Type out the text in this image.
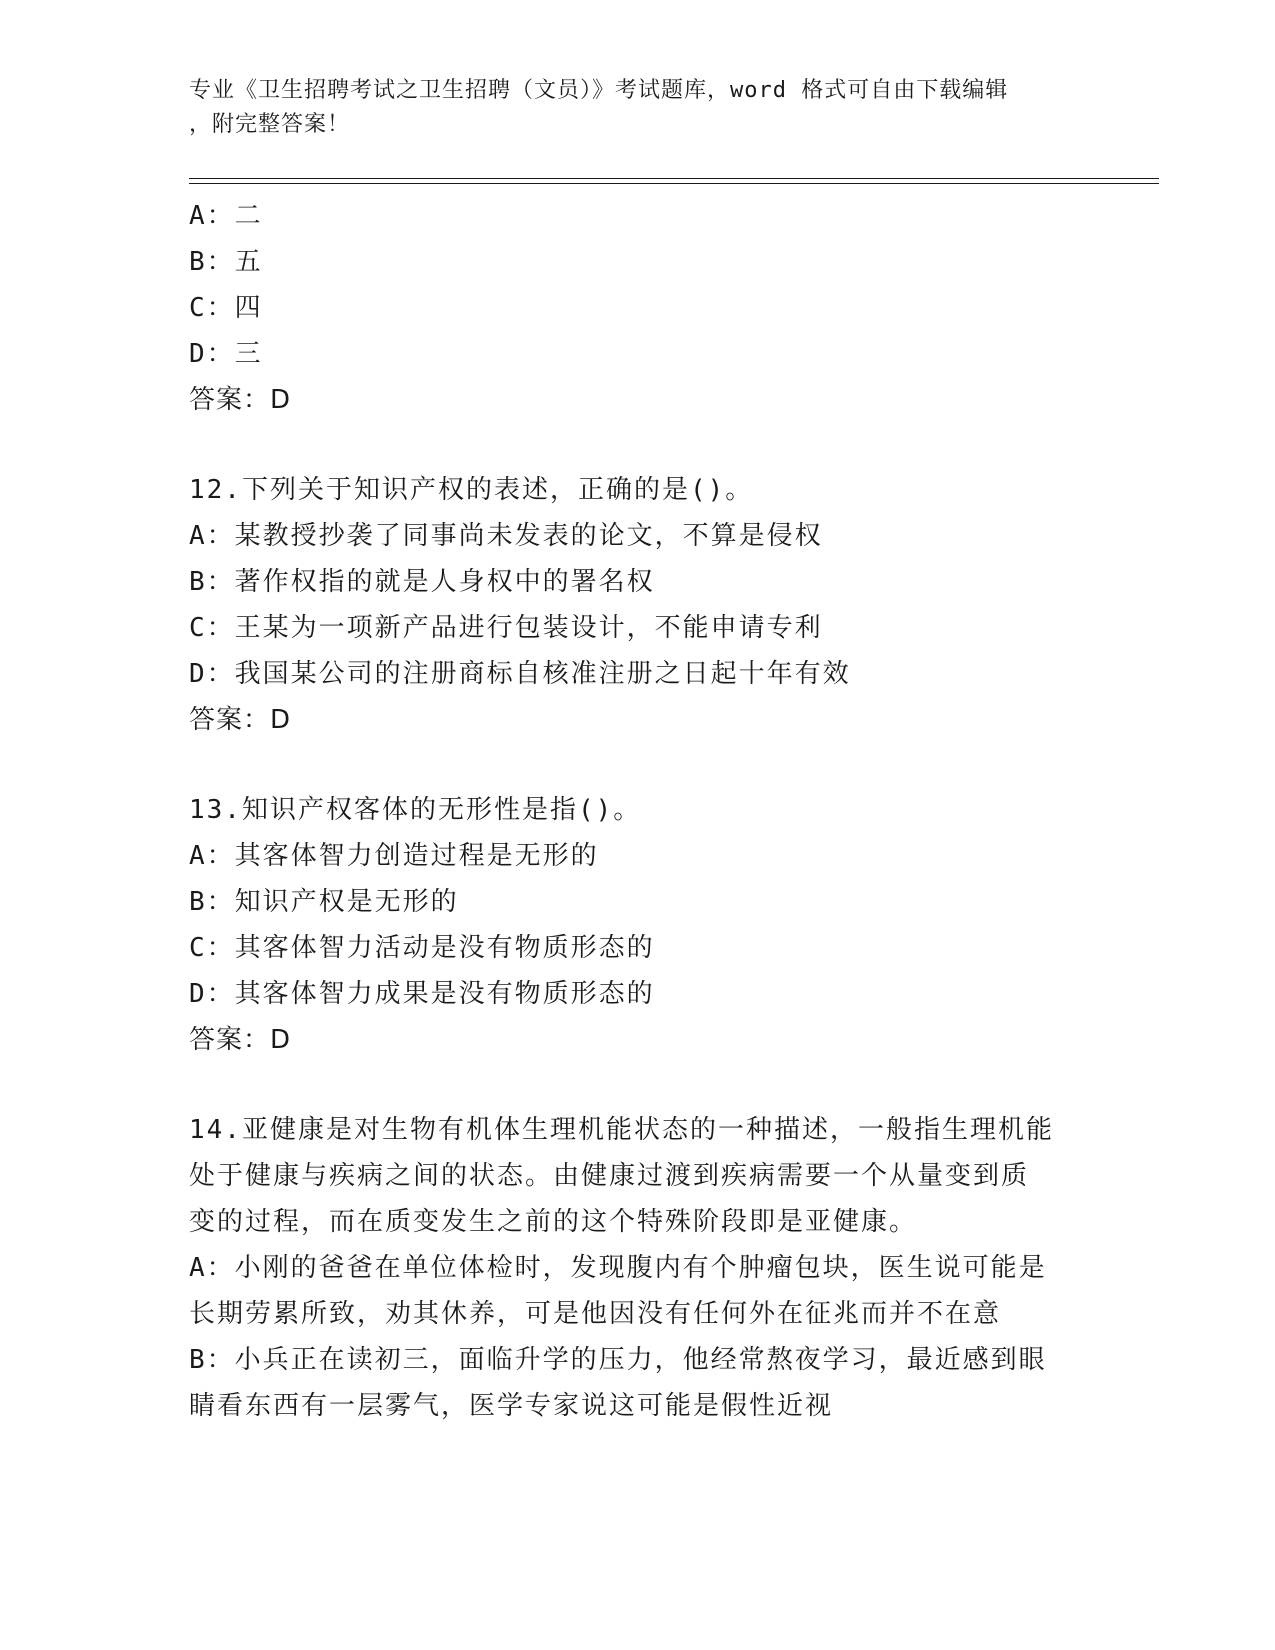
专业《卫生招聘考试之卫生招聘（文员）》考试题库，word 格式可自由下载编辑
，附完整答案！
A：二
B：五
C：四
D：三
答案：D
12.下列关于知识产权的表述，正确的是()。
A：某教授抄袭了同事尚未发表的论文，不算是侵权
B：著作权指的就是人身权中的署名权
C：王某为一项新产品进行包装设计，不能申请专利
D：我国某公司的注册商标自核准注册之日起十年有效
答案：D
13.知识产权客体的无形性是指()。
A：其客体智力创造过程是无形的
B：知识产权是无形的
C：其客体智力活动是没有物质形态的
D：其客体智力成果是没有物质形态的
答案：D
14.亚健康是对生物有机体生理机能状态的一种描述，一般指生理机能
处于健康与疾病之间的状态。由健康过渡到疾病需要一个从量变到质
变的过程，而在质变发生之前的这个特殊阶段即是亚健康。
A：小刚的爸爸在单位体检时，发现腹内有个肿瘤包块，医生说可能是
长期劳累所致，劝其休养，可是他因没有任何外在征兆而并不在意
B：小兵正在读初三，面临升学的压力，他经常熬夜学习，最近感到眼
睛看东西有一层雾气，医学专家说这可能是假性近视
